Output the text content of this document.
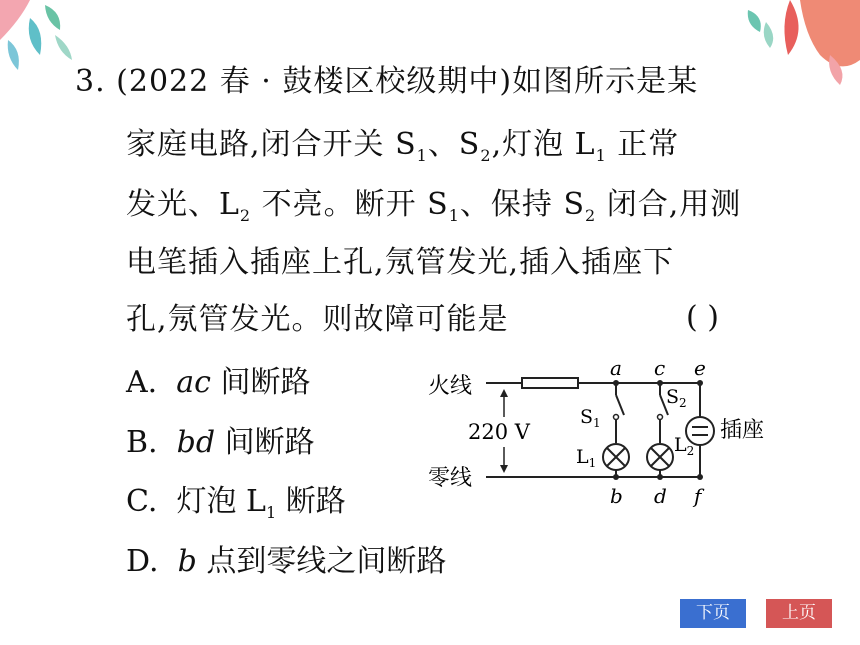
3. (2022 春 · 鼓楼区校级期中)如图所示是某
家庭电路,闭合开关 $S_1$、$S_2$,灯泡 $L_1$ 正常
发光、$L_2$ 不亮。断开 $S_1$、保持 $S_2$ 闭合,用测
电笔插入插座上孔,氖管发光,插入插座下
孔,氖管发光。则故障可能是	( )
A. ac 间断路
B. bd 间断路
C. 灯泡 $L_1$ 断路
D. b 点到零线之间断路
火线
零线
220 V	插座
a c e
b d f
$S_1$
$S_2$
$L_1$
$L_2$
下页	上页
